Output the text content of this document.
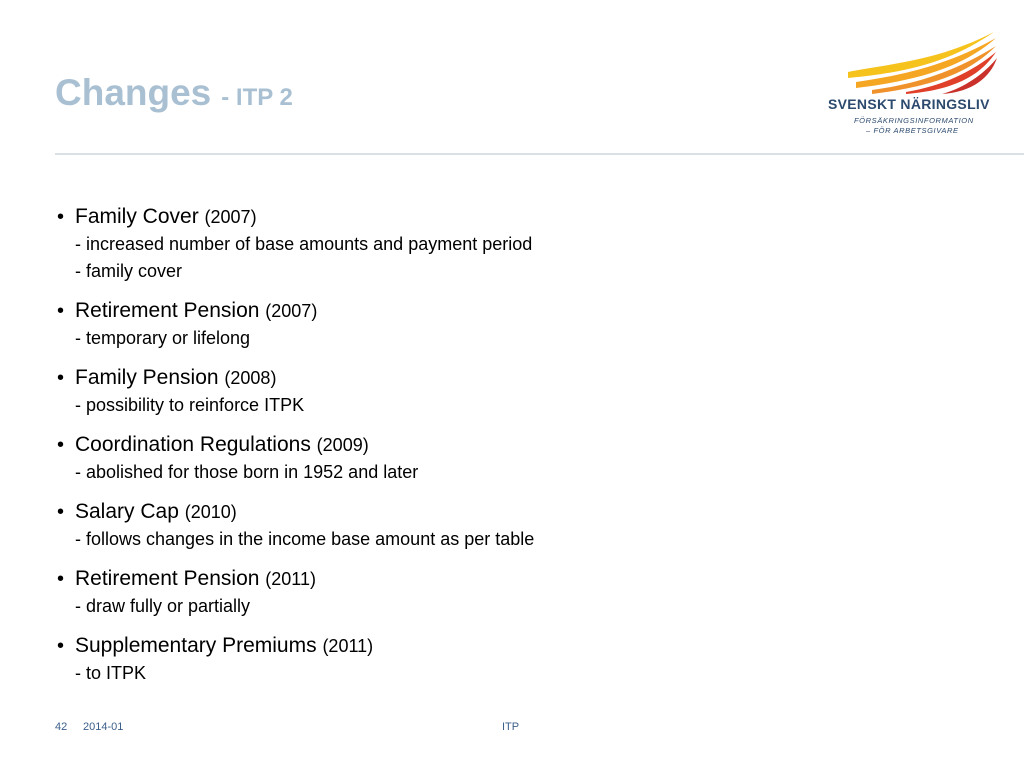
Changes - ITP 2	SVENSKT NÄRINGSLIV
FÖRSÄKRINGSINFORMATION
– FÖR ARBETSGIVARE
• Family Cover (2007)
- increased number of base amounts and payment period
- family cover
• Retirement Pension (2007)
- temporary or lifelong
• Family Pension (2008)
- possibility to reinforce ITPK
• Coordination Regulations (2009)
- abolished for those born in 1952 and later
• Salary Cap (2010)
- follows changes in the income base amount as per table
• Retirement Pension (2011)
- draw fully or partially
• Supplementary Premiums (2011)
- to ITPK
42 2014-01	ITP
